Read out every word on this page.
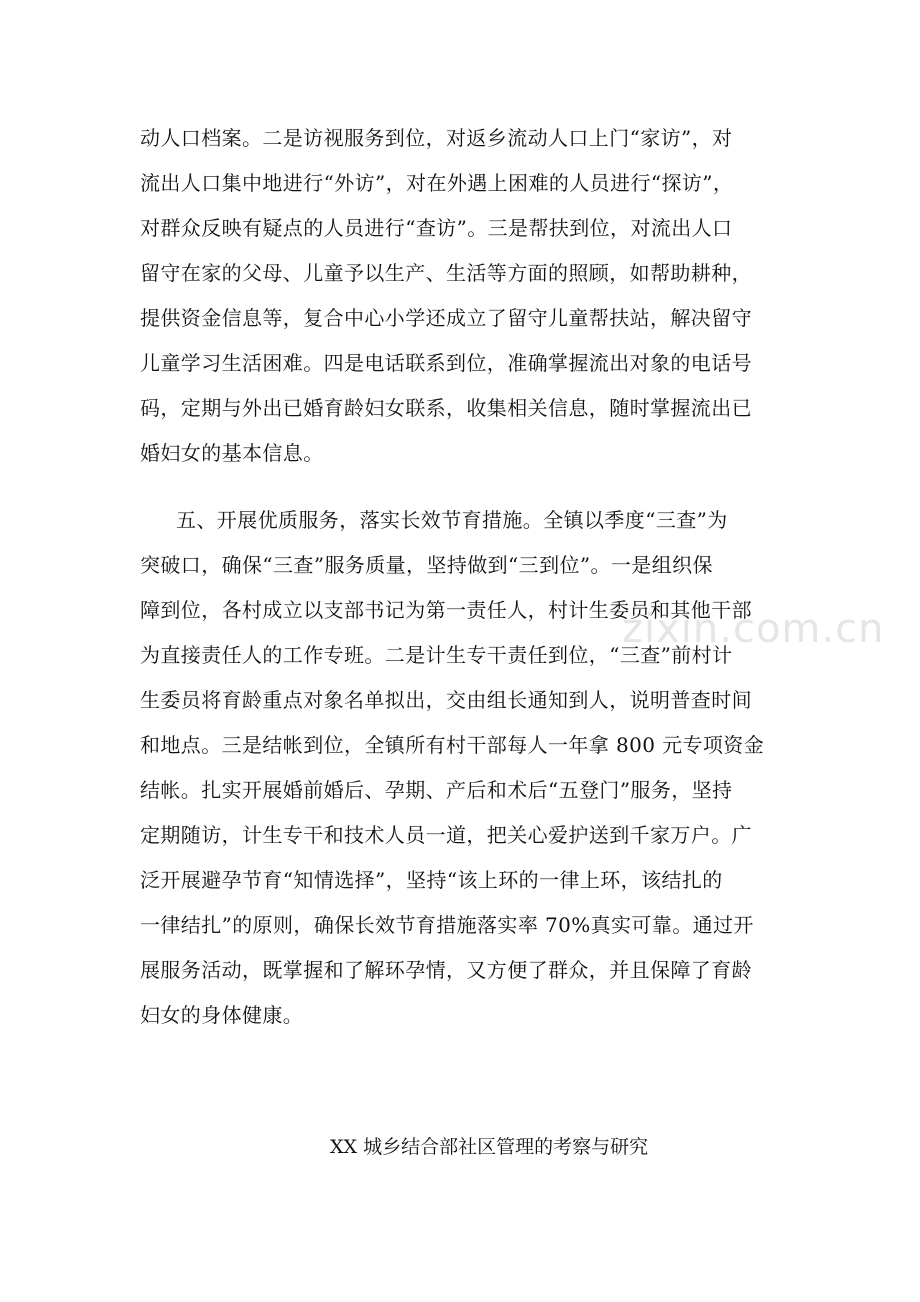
动人口档案。二是访视服务到位，对返乡流动人口上门“家访”，对
流出人口集中地进行“外访”，对在外遇上困难的人员进行“探访”，
对群众反映有疑点的人员进行“查访”。三是帮扶到位，对流出人口
留守在家的父母、儿童予以生产、生活等方面的照顾，如帮助耕种，
提供资金信息等，复合中心小学还成立了留守儿童帮扶站，解决留守
儿童学习生活困难。四是电话联系到位，准确掌握流出对象的电话号
码，定期与外出已婚育龄妇女联系，收集相关信息，随时掌握流出已
婚妇女的基本信息。
五、开展优质服务，落实长效节育措施。全镇以季度“三查”为
突破口，确保“三查”服务质量，坚持做到“三到位”。一是组织保
障到位，各村成立以支部书记为第一责任人，村计生委员和其他干部
为直接责任人的工作专班。二是计生专干责任到位，“三查”前村计
生委员将育龄重点对象名单拟出，交由组长通知到人，说明普查时间
和地点。三是结帐到位，全镇所有村干部每人一年拿 800 元专项资金
结帐。扎实开展婚前婚后、孕期、产后和术后“五登门”服务，坚持
定期随访，计生专干和技术人员一道，把关心爱护送到千家万户。广
泛开展避孕节育“知情选择”，坚持“该上环的一律上环，该结扎的
一律结扎”的原则，确保长效节育措施落实率 70%真实可靠。通过开
展服务活动，既掌握和了解环孕情，又方便了群众，并且保障了育龄
妇女的身体健康。
zixin.com.cn
XX 城乡结合部社区管理的考察与研究
